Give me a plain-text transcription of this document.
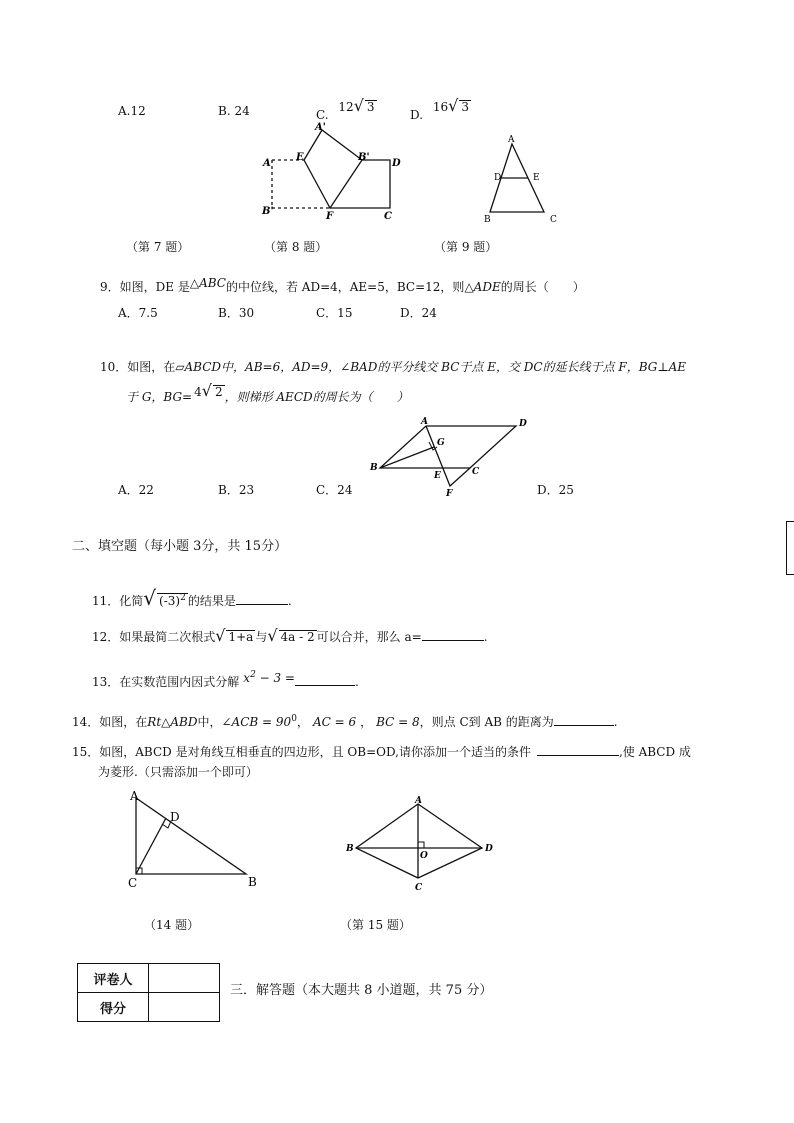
A.12	B. 24	C. 12√ 3
D. 16√ 3
A'
E	B'
D
A
B'	F	C
A
D	E
B	C
（第 7 题）	（第 8 题）	（第 9 题）
9．如图，DE 是△ABC的中位线，若 AD=4，AE=5，BC=12，则△ADE的周长（　　）
A．7.5	B．30	C．15	D．24
10．如图，在▱ABCD中，AB=6，AD=9，∠BAD的平分线交 BC于点 E，交 DC的延长线于点 F，BG⊥AE
于 G，BG= 4√ 2 ，则梯形 AECD的周长为（　　）
A	D
G
B
E	C
F
A．22	B．23	C．24	D．25
二、填空题（每小题 3分，共 15分）
11．化简√ $(-3)^2$ 的结果是	.
12．如果最简二次根式√ 1+a 与√ 4a - 2 可以合并，那么 a=	.
13．在实数范围内因式分解 $x^2 - 3$ =	.
14．如图，在Rt△ABD中，∠ACB = $90^0$， AC = 6 ， BC = 8，则点 C到 AB 的距离为	.
15．如图，ABCD 是对角线互相垂直的四边形，且 OB=OD,请你添加一个适当的条件	,使 ABCD 成
为菱形.（只需添加一个即可）
A
D
C	B
A
B
O
D
C
（14 题）	（第 15 题）
评卷人	
得分	
三．解答题（本大题共 8 小道题，共 75 分）
